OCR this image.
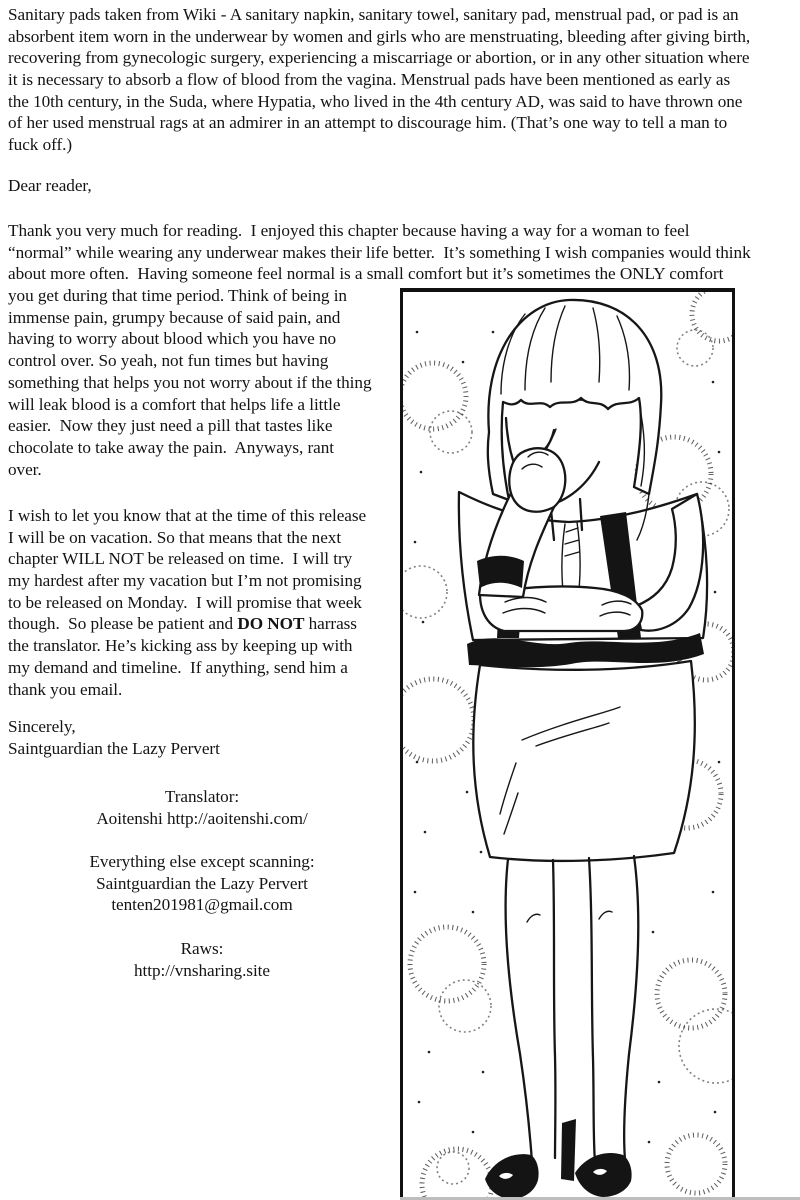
Sanitary pads taken from Wiki - A sanitary napkin, sanitary towel, sanitary pad, menstrual pad, or pad is an
absorbent item worn in the underwear by women and girls who are menstruating, bleeding after giving birth,
recovering from gynecologic surgery, experiencing a miscarriage or abortion, or in any other situation where
it is necessary to absorb a flow of blood from the vagina. Menstrual pads have been mentioned as early as
the 10th century, in the Suda, where Hypatia, who lived in the 4th century AD, was said to have thrown one
of her used menstrual rags at an admirer in an attempt to discourage him. (That’s one way to tell a man to
fuck off.)
Dear reader,
Thank you very much for reading.  I enjoyed this chapter because having a way for a woman to feel
“normal” while wearing any underwear makes their life better.  It’s something I wish companies would think
about more often.  Having someone feel normal is a small comfort but it’s sometimes the ONLY comfort
you get during that time period. Think of being in
immense pain, grumpy because of said pain, and
having to worry about blood which you have no
control over. So yeah, not fun times but having
something that helps you not worry about if the thing
will leak blood is a comfort that helps life a little
easier.  Now they just need a pill that tastes like
chocolate to take away the pain.  Anyways, rant
over.
I wish to let you know that at the time of this release
I will be on vacation. So that means that the next
chapter WILL NOT be released on time.  I will try
my hardest after my vacation but I’m not promising
to be released on Monday.  I will promise that week
though.  So please be patient and DO NOT harrass
the translator. He’s kicking ass by keeping up with
my demand and timeline.  If anything, send him a
thank you email.
Sincerely,
Saintguardian the Lazy Pervert
Translator:
Aoitenshi http://aoitenshi.com/
Everything else except scanning:
Saintguardian the Lazy Pervert
tenten201981@gmail.com
Raws:
http://vnsharing.site
